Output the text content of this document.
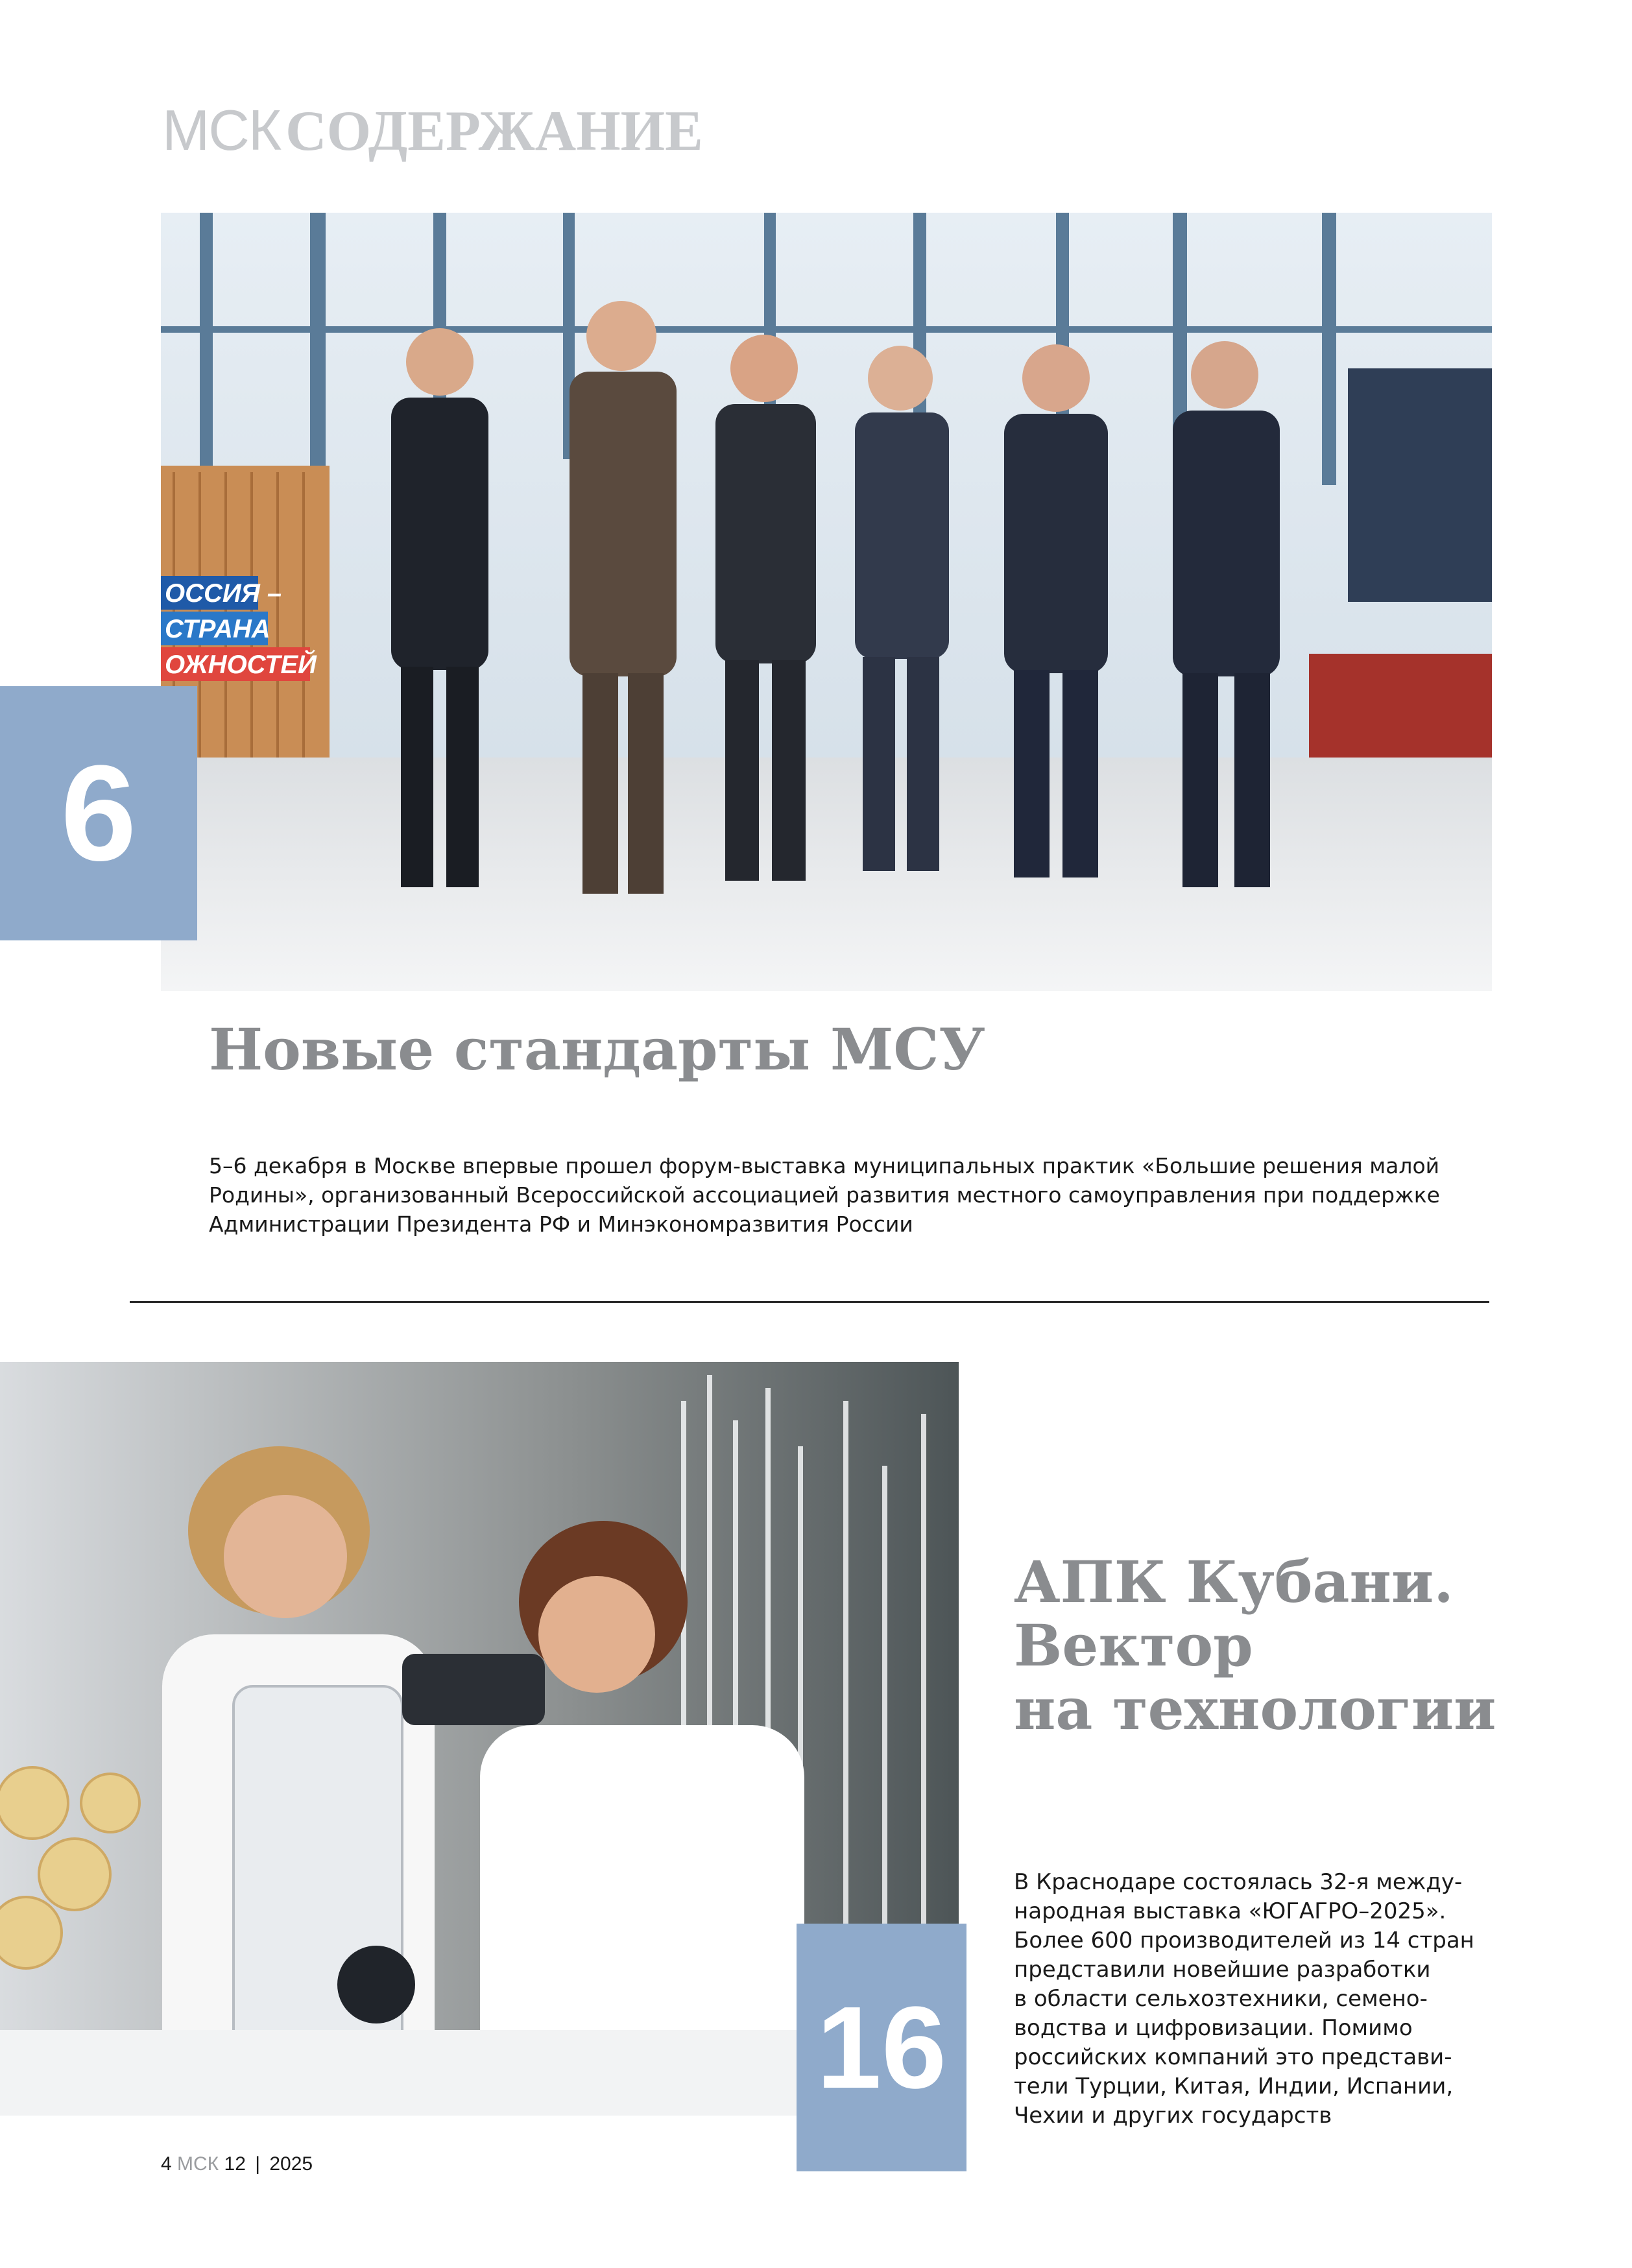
МСКСОДЕРЖАНИЕ
ОССИЯ –
СТРАНА
ОЖНОСТЕЙ
6
Новые стандарты МСУ
5–6 декабря в Москве впервые прошел форум-выставка муниципальных практик «Большие решения малой Родины», организованный Всероссийской ассоциацией развития местного самоуправления при поддержке Администрации Президента РФ и Минэкономразвития России
16
АПК Кубани.
Вектор
на технологии
В Краснодаре состоялась 32-я между-
народная выставка «ЮГАГРО–2025».
Более 600 производителей из 14 стран
представили новейшие разработки
в области сельхозтехники, семено-
водства и цифровизации. Помимо
российских компаний это представи-
тели Турции, Китая, Индии, Испании,
Чехии и других государств
4 МСК 12 | 2025
